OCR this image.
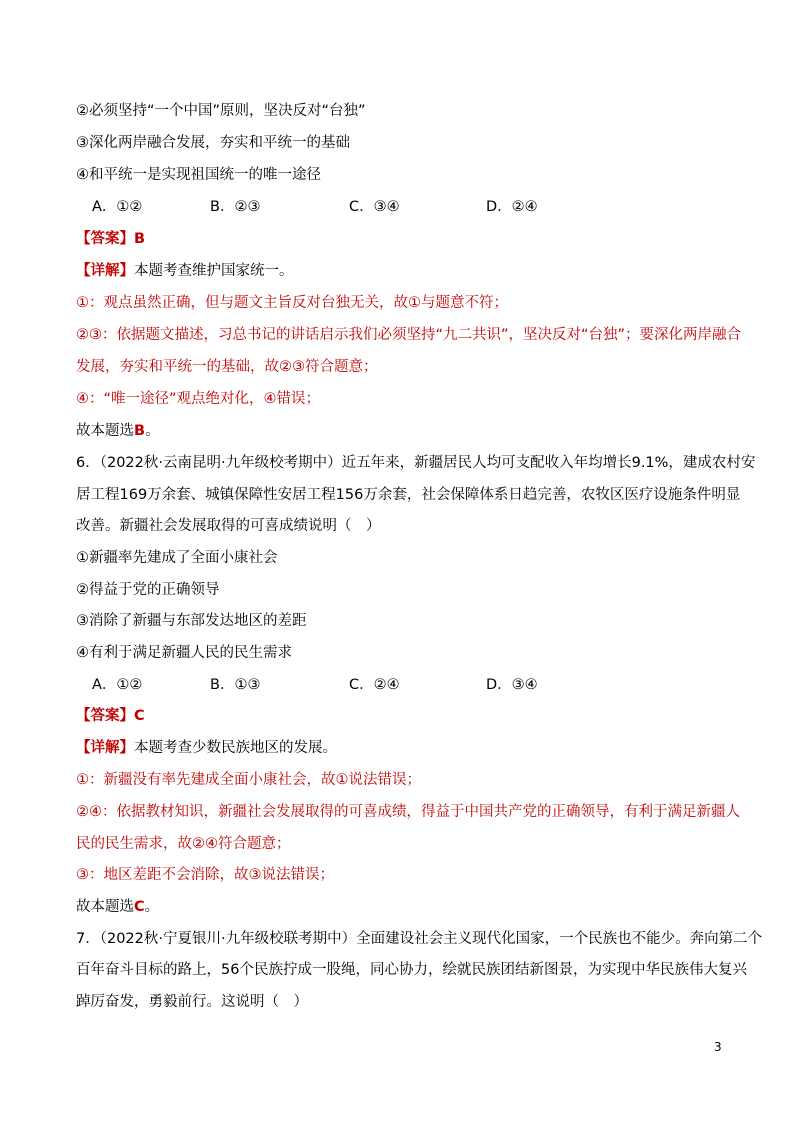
②必须坚持“一个中国”原则，坚决反对“台独”
③深化两岸融合发展，夯实和平统一的基础
④和平统一是实现祖国统一的唯一途径
A．①②	B．②③	C．③④	D．②④
【答案】B
【详解】本题考查维护国家统一。
①：观点虽然正确，但与题文主旨反对台独无关，故①与题意不符；
②③：依据题文描述，习总书记的讲话启示我们必须坚持“九二共识”，坚决反对“台独”；要深化两岸融合
发展，夯实和平统一的基础，故②③符合题意；
④：“唯一途径”观点绝对化，④错误；
故本题选B。
6．（2022秋·云南昆明·九年级校考期中）近五年来，新疆居民人均可支配收入年均增长9.1%，建成农村安
居工程169万余套、城镇保障性安居工程156万余套，社会保障体系日趋完善，农牧区医疗设施条件明显
改善。新疆社会发展取得的可喜成绩说明（　）
①新疆率先建成了全面小康社会
②得益于党的正确领导
③消除了新疆与东部发达地区的差距
④有利于满足新疆人民的民生需求
A．①②	B．①③	C．②④	D．③④
【答案】C
【详解】本题考查少数民族地区的发展。
①：新疆没有率先建成全面小康社会，故①说法错误；
②④：依据教材知识，新疆社会发展取得的可喜成绩，得益于中国共产党的正确领导，有利于满足新疆人
民的民生需求，故②④符合题意；
③：地区差距不会消除，故③说法错误；
故本题选C。
7．（2022秋·宁夏银川·九年级校联考期中）全面建设社会主义现代化国家，一个民族也不能少。奔向第二个
百年奋斗目标的路上，56个民族拧成一股绳，同心协力，绘就民族团结新图景，为实现中华民族伟大复兴
踔厉奋发，勇毅前行。这说明（　）
3
